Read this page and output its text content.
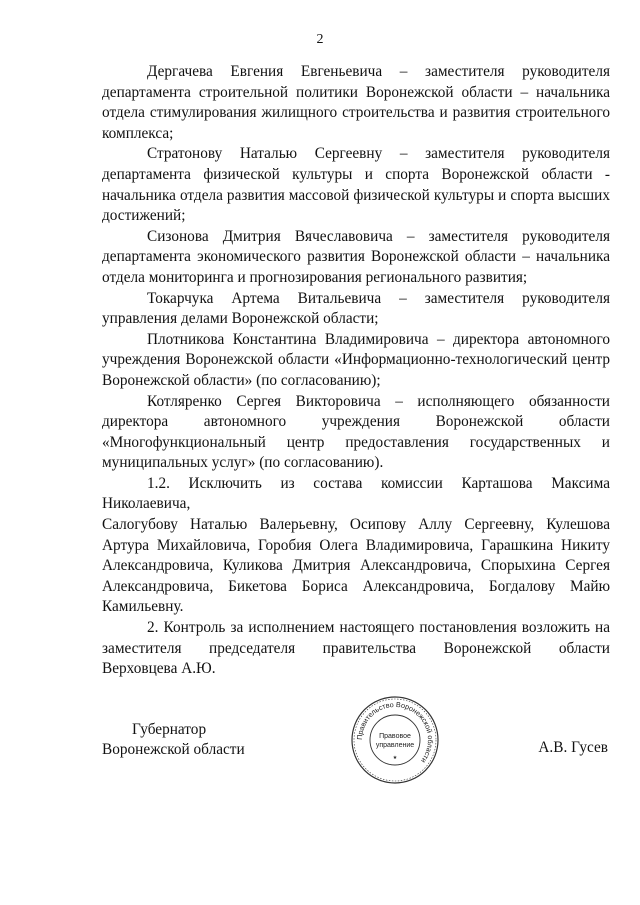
2

Дергачева Евгения Евгеньевича – заместителя руководителя
департамента строительной политики Воронежской области – начальника
отдела стимулирования жилищного строительства и развития строительного
комплекса;

Стратонову Наталью Сергеевну – заместителя руководителя
департамента физической культуры и спорта Воронежской области -
начальника отдела развития массовой физической культуры и спорта высших
достижений;

Сизонова Дмитрия Вячеславовича – заместителя руководителя
департамента экономического развития Воронежской области – начальника
отдела мониторинга и прогнозирования регионального развития;

Токарчука Артема Витальевича – заместителя руководителя
управления делами Воронежской области;

Плотникова Константина Владимировича – директора автономного
учреждения Воронежской области «Информационно-технологический центр
Воронежской области» (по согласованию);

Котляренко Сергея Викторовича – исполняющего обязанности
директора автономного учреждения Воронежской области
«Многофункциональный центр предоставления государственных и
муниципальных услуг» (по согласованию).

1.2. Исключить из состава комиссии Карташова Максима Николаевича,
Салогубову Наталью Валерьевну, Осипову Аллу Сергеевну, Кулешова
Артура Михайловича, Горобия Олега Владимировича, Гарашкина Никиту
Александровича, Куликова Дмитрия Александровича, Спорыхина Сергея
Александровича, Бикетова Бориса Александровича, Богдалову Майю
Камильевну.

2. Контроль за исполнением настоящего постановления возложить на
заместителя председателя правительства Воронежской области
Верховцева А.Ю.

Губернатор
Воронежской области
Правительство Воронежской области
Правовое
управление
★
А.В. Гусев
